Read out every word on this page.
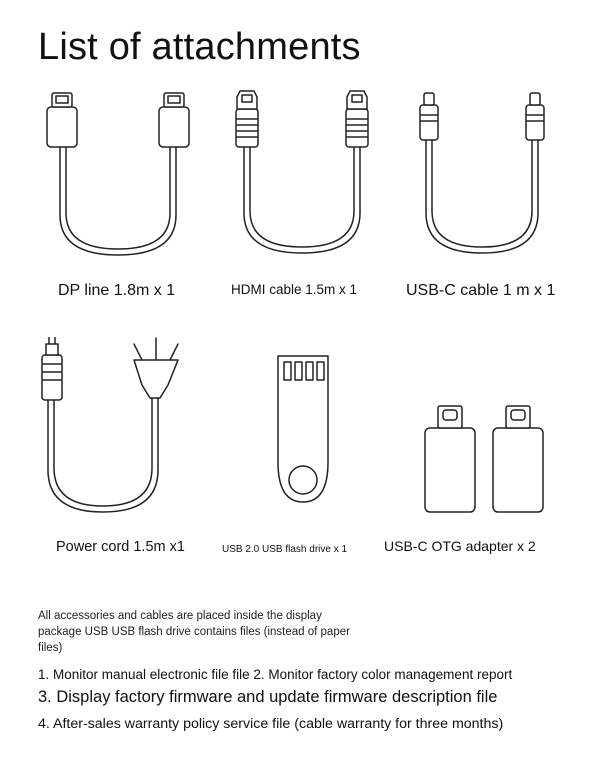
List of attachments
DP line 1.8m x 1	HDMI cable 1.5m x 1	USB-C cable 1 m x 1
Power cord 1.5m x1	USB 2.0 USB flash drive x 1	USB-C OTG adapter x 2
All accessories and cables are placed inside the display package USB USB flash drive contains files (instead of paper files)
1. Monitor manual electronic file file 2. Monitor factory color management report
3. Display factory firmware and update firmware description file
4. After-sales warranty policy service file (cable warranty for three months)
